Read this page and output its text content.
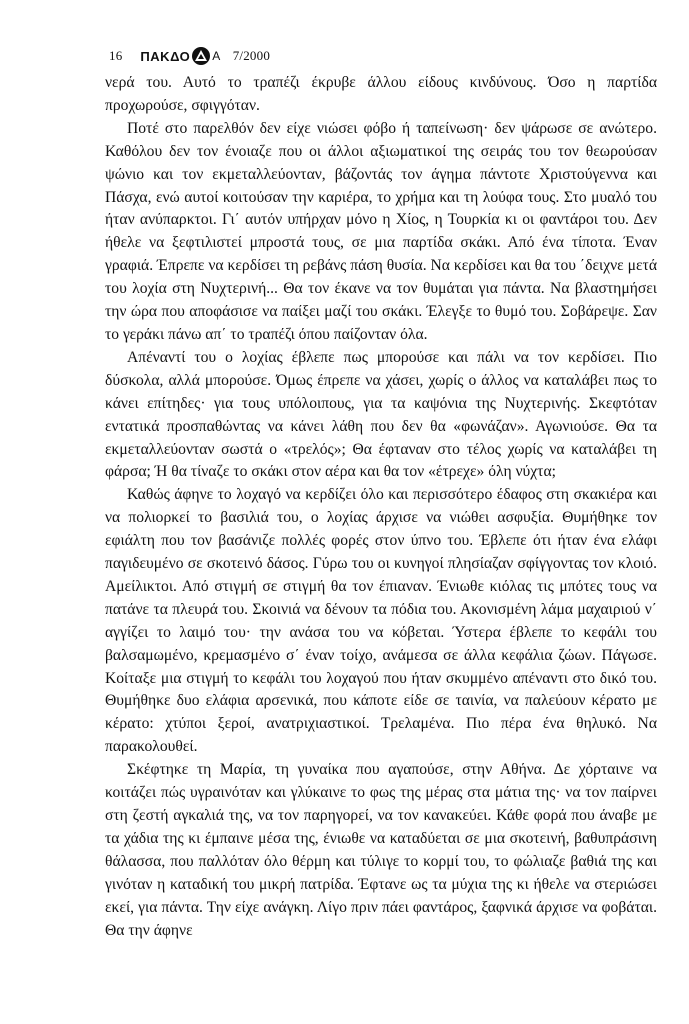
16 ΠΑΚΔΟ Α 7/2000

νερά του. Αυτό το τραπέζι έκρυβε άλλου είδους κινδύνους. Όσο η παρτίδα προχωρούσε, σφιγγόταν.

Ποτέ στο παρελθόν δεν είχε νιώσει φόβο ή ταπείνωση· δεν ψάρωσε σε ανώτερο. Καθόλου δεν τον ένοιαζε που οι άλλοι αξιωματικοί της σειράς του τον θεωρούσαν ψώνιο και τον εκμεταλλεύονταν, βάζοντάς τον άγημα πάντοτε Χριστούγεννα και Πάσχα, ενώ αυτοί κοιτούσαν την καριέρα, το χρήμα και τη λούφα τους. Στο μυαλό του ήταν ανύπαρκτοι. Γι΄ αυτόν υπήρχαν μόνο η Χίος, η Τουρκία κι οι φαντάροι του. Δεν ήθελε να ξεφτιλιστεί μπροστά τους, σε μια παρτίδα σκάκι. Από ένα τίποτα. Έναν γραφιά. Έπρεπε να κερδίσει τη ρεβάνς πάση θυσία. Να κερδίσει και θα του ΄δειχνε μετά του λοχία στη Νυχτερινή... Θα τον έκανε να τον θυμάται για πάντα. Να βλαστημήσει την ώρα που αποφάσισε να παίξει μαζί του σκάκι. Έλεγξε το θυμό του. Σοβάρεψε. Σαν το γεράκι πάνω απ΄ το τραπέζι όπου παίζονταν όλα.

Απέναντί του ο λοχίας έβλεπε πως μπορούσε και πάλι να τον κερδίσει. Πιο δύσκολα, αλλά μπορούσε. Όμως έπρεπε να χάσει, χωρίς ο άλλος να καταλάβει πως το κάνει επίτηδες· για τους υπόλοιπους, για τα καψόνια της Νυχτερινής. Σκεφτόταν εντατικά προσπαθώντας να κάνει λάθη που δεν θα «φωνάζαν». Αγωνιούσε. Θα τα εκμεταλλεύονταν σωστά ο «τρελός»; Θα έφταναν στο τέλος χωρίς να καταλάβει τη φάρσα; Ή θα τίναζε το σκάκι στον αέρα και θα τον «έτρεχε» όλη νύχτα;

Καθώς άφηνε το λοχαγό να κερδίζει όλο και περισσότερο έδαφος στη σκακιέρα και να πολιορκεί το βασιλιά του, ο λοχίας άρχισε να νιώθει ασφυξία. Θυμήθηκε τον εφιάλτη που τον βασάνιζε πολλές φορές στον ύπνο του. Έβλεπε ότι ήταν ένα ελάφι παγιδευμένο σε σκοτεινό δάσος. Γύρω του οι κυνηγοί πλησίαζαν σφίγγοντας τον κλοιό. Αμείλικτοι. Από στιγμή σε στιγμή θα τον έπιαναν. Ένιωθε κιόλας τις μπότες τους να πατάνε τα πλευρά του. Σκοινιά να δένουν τα πόδια του. Ακονισμένη λάμα μαχαιριού ν΄ αγγίζει το λαιμό του· την ανάσα του να κόβεται. Ύστερα έβλεπε το κεφάλι του βαλσαμωμένο, κρεμασμένο σ΄ έναν τοίχο, ανάμεσα σε άλλα κεφάλια ζώων. Πάγωσε. Κοίταξε μια στιγμή το κεφάλι του λοχαγού που ήταν σκυμμένο απέναντι στο δικό του. Θυμήθηκε δυο ελάφια αρσενικά, που κάποτε είδε σε ταινία, να παλεύουν κέρατο με κέρατο: χτύποι ξεροί, ανατριχιαστικοί. Τρελαμένα. Πιο πέρα ένα θηλυκό. Να παρακολουθεί.

Σκέφτηκε τη Μαρία, τη γυναίκα που αγαπούσε, στην Αθήνα. Δε χόρταινε να κοιτάζει πώς υγραινόταν και γλύκαινε το φως της μέρας στα μάτια της· να τον παίρνει στη ζεστή αγκαλιά της, να τον παρηγορεί, να τον κανακεύει. Κάθε φορά που άναβε με τα χάδια της κι έμπαινε μέσα της, ένιωθε να καταδύεται σε μια σκοτεινή, βαθυπράσινη θάλασσα, που παλλόταν όλο θέρμη και τύλιγε το κορμί του, το φώλιαζε βαθιά της και γινόταν η καταδική του μικρή πατρίδα. Έφτανε ως τα μύχια της κι ήθελε να στεριώσει εκεί, για πάντα. Την είχε ανάγκη. Λίγο πριν πάει φαντάρος, ξαφνικά άρχισε να φοβάται. Θα την άφηνε
